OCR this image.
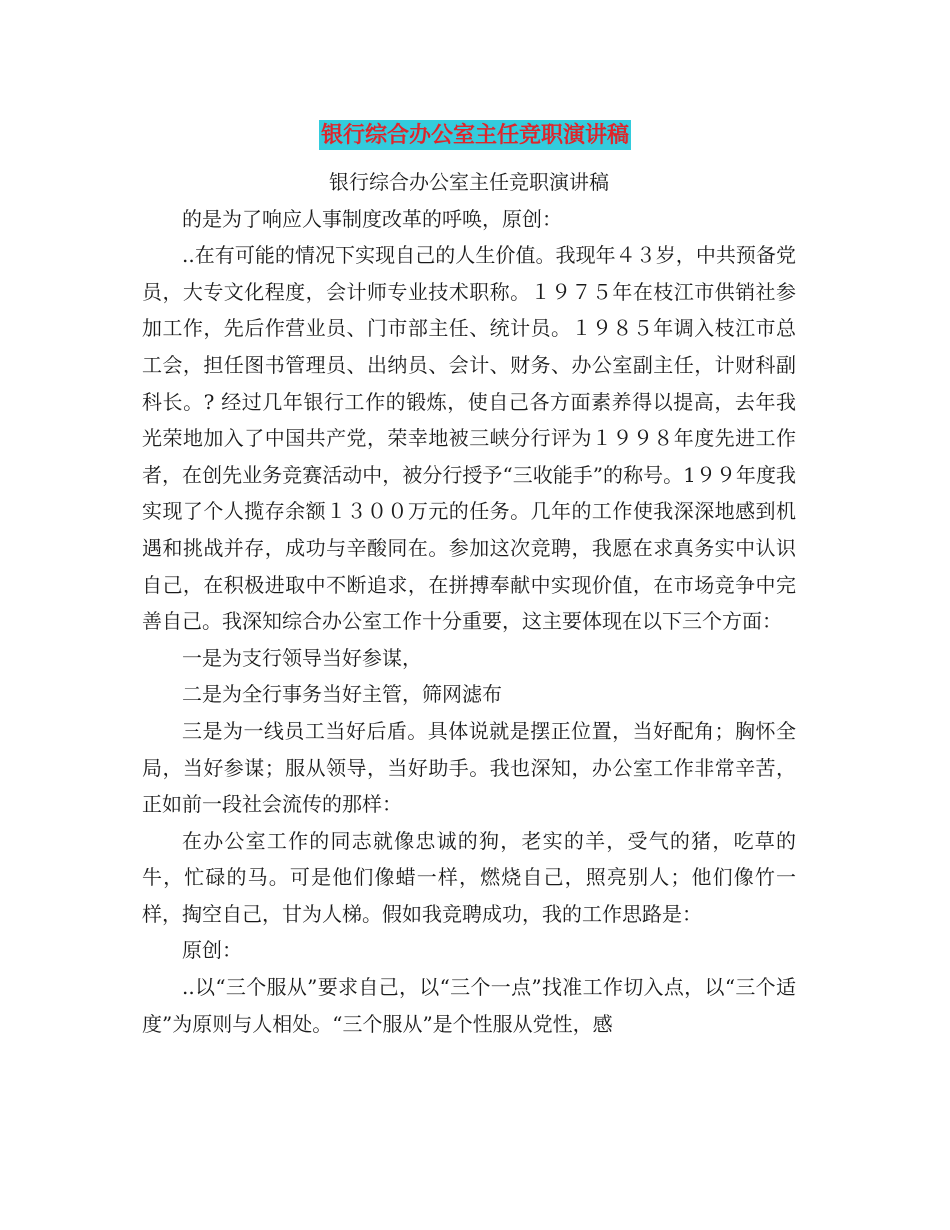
银行综合办公室主任竞职演讲稿

银行综合办公室主任竞职演讲稿

的是为了响应人事制度改革的呼唤，原创：

..在有可能的情况下实现自己的人生价值。我现年４３岁，中共预备党员，大专文化程度，会计师专业技术职称。１９７５年在枝江市供销社参加工作，先后作营业员、门市部主任、统计员。１９８５年调入枝江市总工会，担任图书管理员、出纳员、会计、财务、办公室副主任，计财科副科长。? 经过几年银行工作的锻炼，使自己各方面素养得以提高，去年我光荣地加入了中国共产党，荣幸地被三峡分行评为１９９８年度先进工作者，在创先业务竞赛活动中，被分行授予“三收能手”的称号。1９９年度我实现了个人揽存余额１３００万元的任务。几年的工作使我深深地感到机遇和挑战并存，成功与辛酸同在。参加这次竞聘，我愿在求真务实中认识自己，在积极进取中不断追求，在拼搏奉献中实现价值，在市场竞争中完善自己。我深知综合办公室工作十分重要，这主要体现在以下三个方面：

一是为支行领导当好参谋，

二是为全行事务当好主管，筛网滤布

三是为一线员工当好后盾。具体说就是摆正位置，当好配角；胸怀全局，当好参谋；服从领导，当好助手。我也深知，办公室工作非常辛苦，正如前一段社会流传的那样：

在办公室工作的同志就像忠诚的狗，老实的羊，受气的猪，吃草的牛，忙碌的马。可是他们像蜡一样，燃烧自己，照亮别人；他们像竹一样，掏空自己，甘为人梯。假如我竞聘成功，我的工作思路是：

原创：

..以“三个服从”要求自己，以“三个一点”找准工作切入点，以“三个适度”为原则与人相处。“三个服从”是个性服从党性，感
